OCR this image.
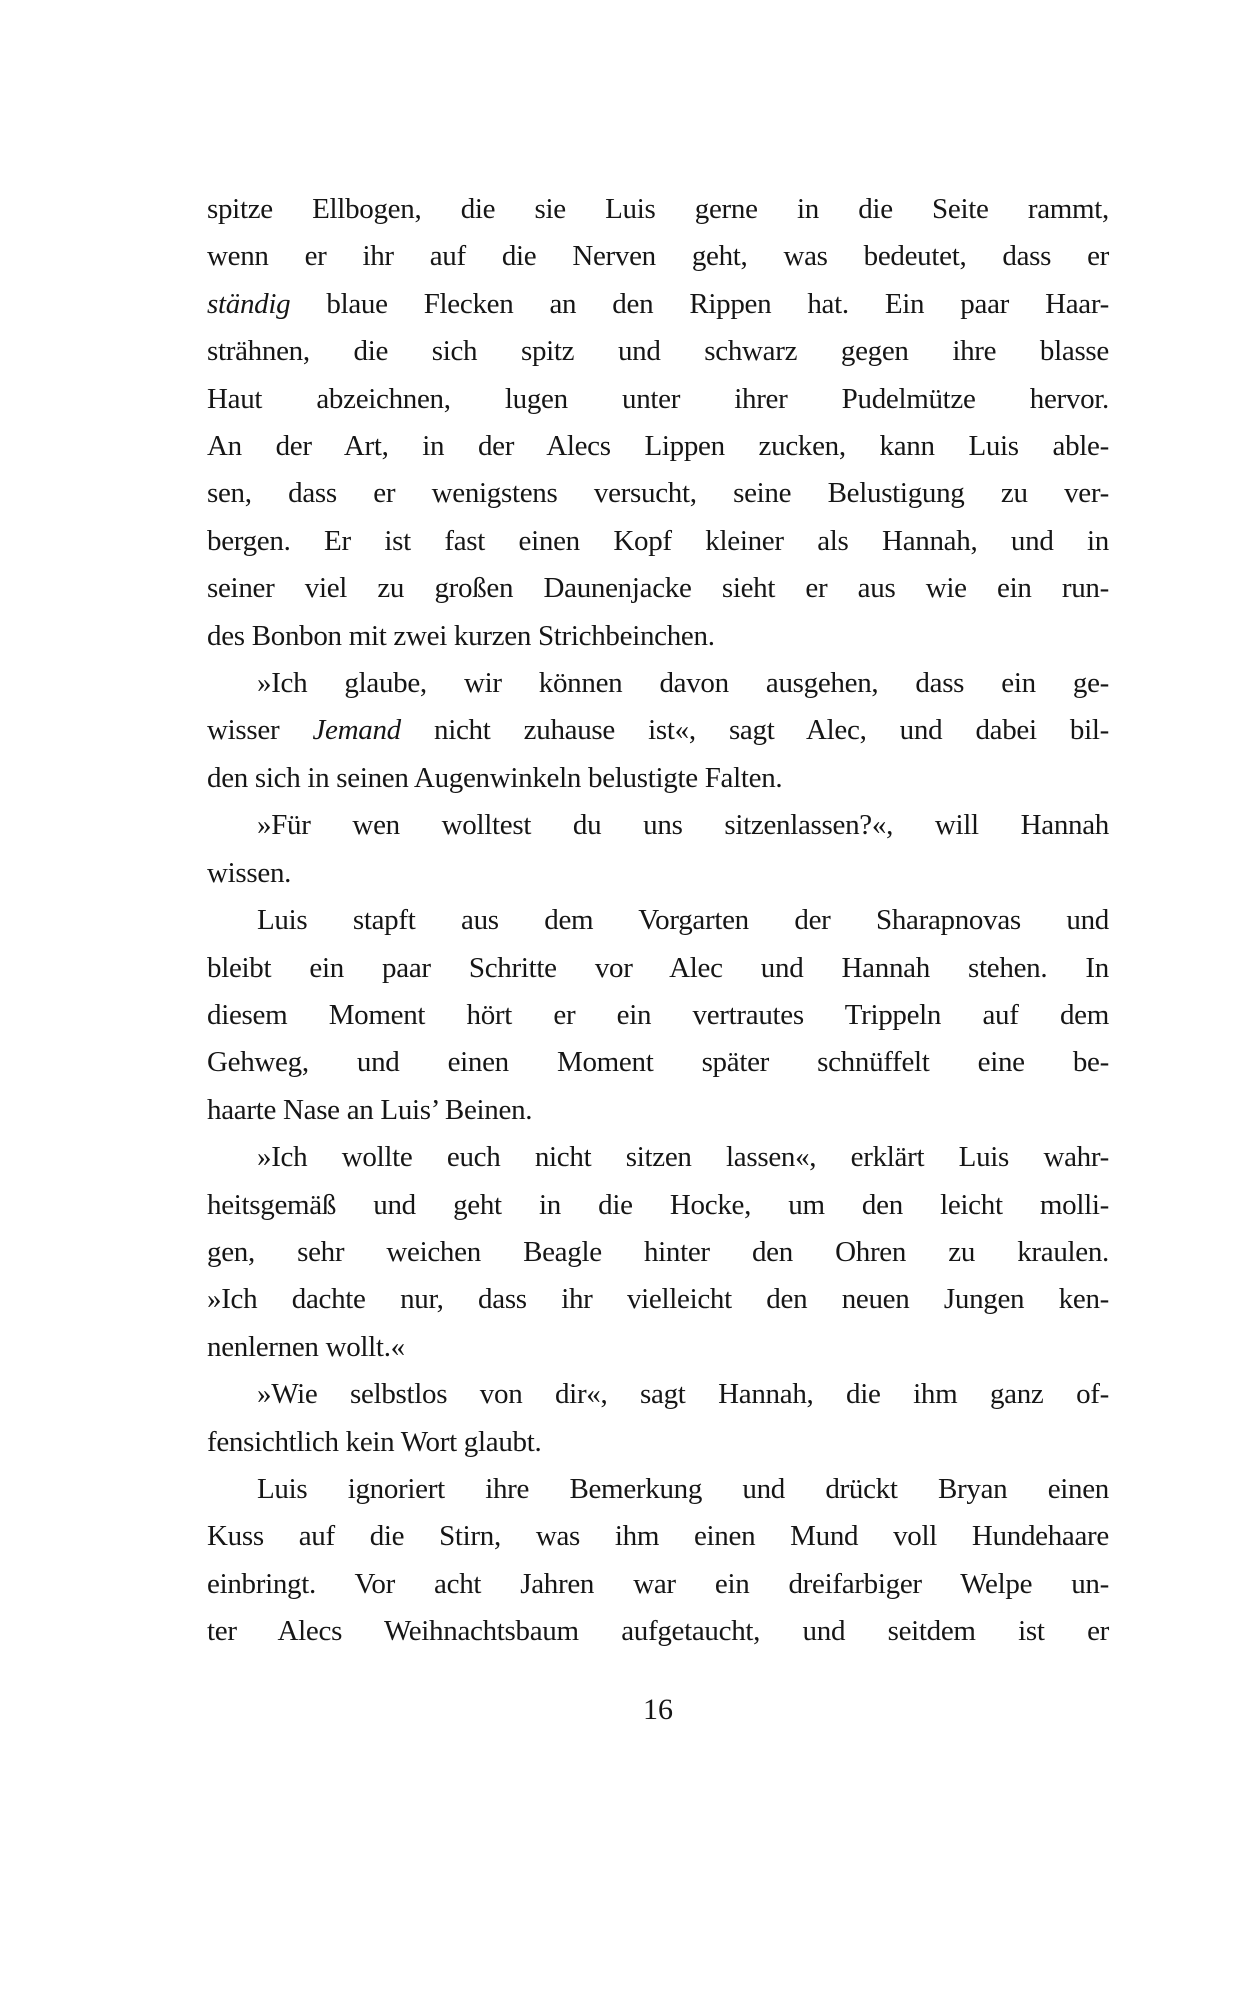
spitze Ellbogen, die sie Luis gerne in die Seite rammt,
wenn er ihr auf die Nerven geht, was bedeutet, dass er
ständig blaue Flecken an den Rippen hat. Ein paar Haar-
strähnen, die sich spitz und schwarz gegen ihre blasse
Haut abzeichnen, lugen unter ihrer Pudelmütze hervor.
An der Art, in der Alecs Lippen zucken, kann Luis able-
sen, dass er wenigstens versucht, seine Belustigung zu ver-
bergen. Er ist fast einen Kopf kleiner als Hannah, und in
seiner viel zu großen Daunenjacke sieht er aus wie ein run-
des Bonbon mit zwei kurzen Strichbeinchen.
»Ich glaube, wir können davon ausgehen, dass ein ge-
wisser Jemand nicht zuhause ist«, sagt Alec, und dabei bil-
den sich in seinen Augenwinkeln belustigte Falten.
»Für wen wolltest du uns sitzenlassen?«, will Hannah
wissen.
Luis stapft aus dem Vorgarten der Sharapnovas und
bleibt ein paar Schritte vor Alec und Hannah stehen. In
diesem Moment hört er ein vertrautes Trippeln auf dem
Gehweg, und einen Moment später schnüffelt eine be-
haarte Nase an Luis’ Beinen.
»Ich wollte euch nicht sitzen lassen«, erklärt Luis wahr-
heitsgemäß und geht in die Hocke, um den leicht molli-
gen, sehr weichen Beagle hinter den Ohren zu kraulen.
»Ich dachte nur, dass ihr vielleicht den neuen Jungen ken-
nenlernen wollt.«
»Wie selbstlos von dir«, sagt Hannah, die ihm ganz of-
fensichtlich kein Wort glaubt.
Luis ignoriert ihre Bemerkung und drückt Bryan einen
Kuss auf die Stirn, was ihm einen Mund voll Hundehaare
einbringt. Vor acht Jahren war ein dreifarbiger Welpe un-
ter Alecs Weihnachtsbaum aufgetaucht, und seitdem ist er
16
